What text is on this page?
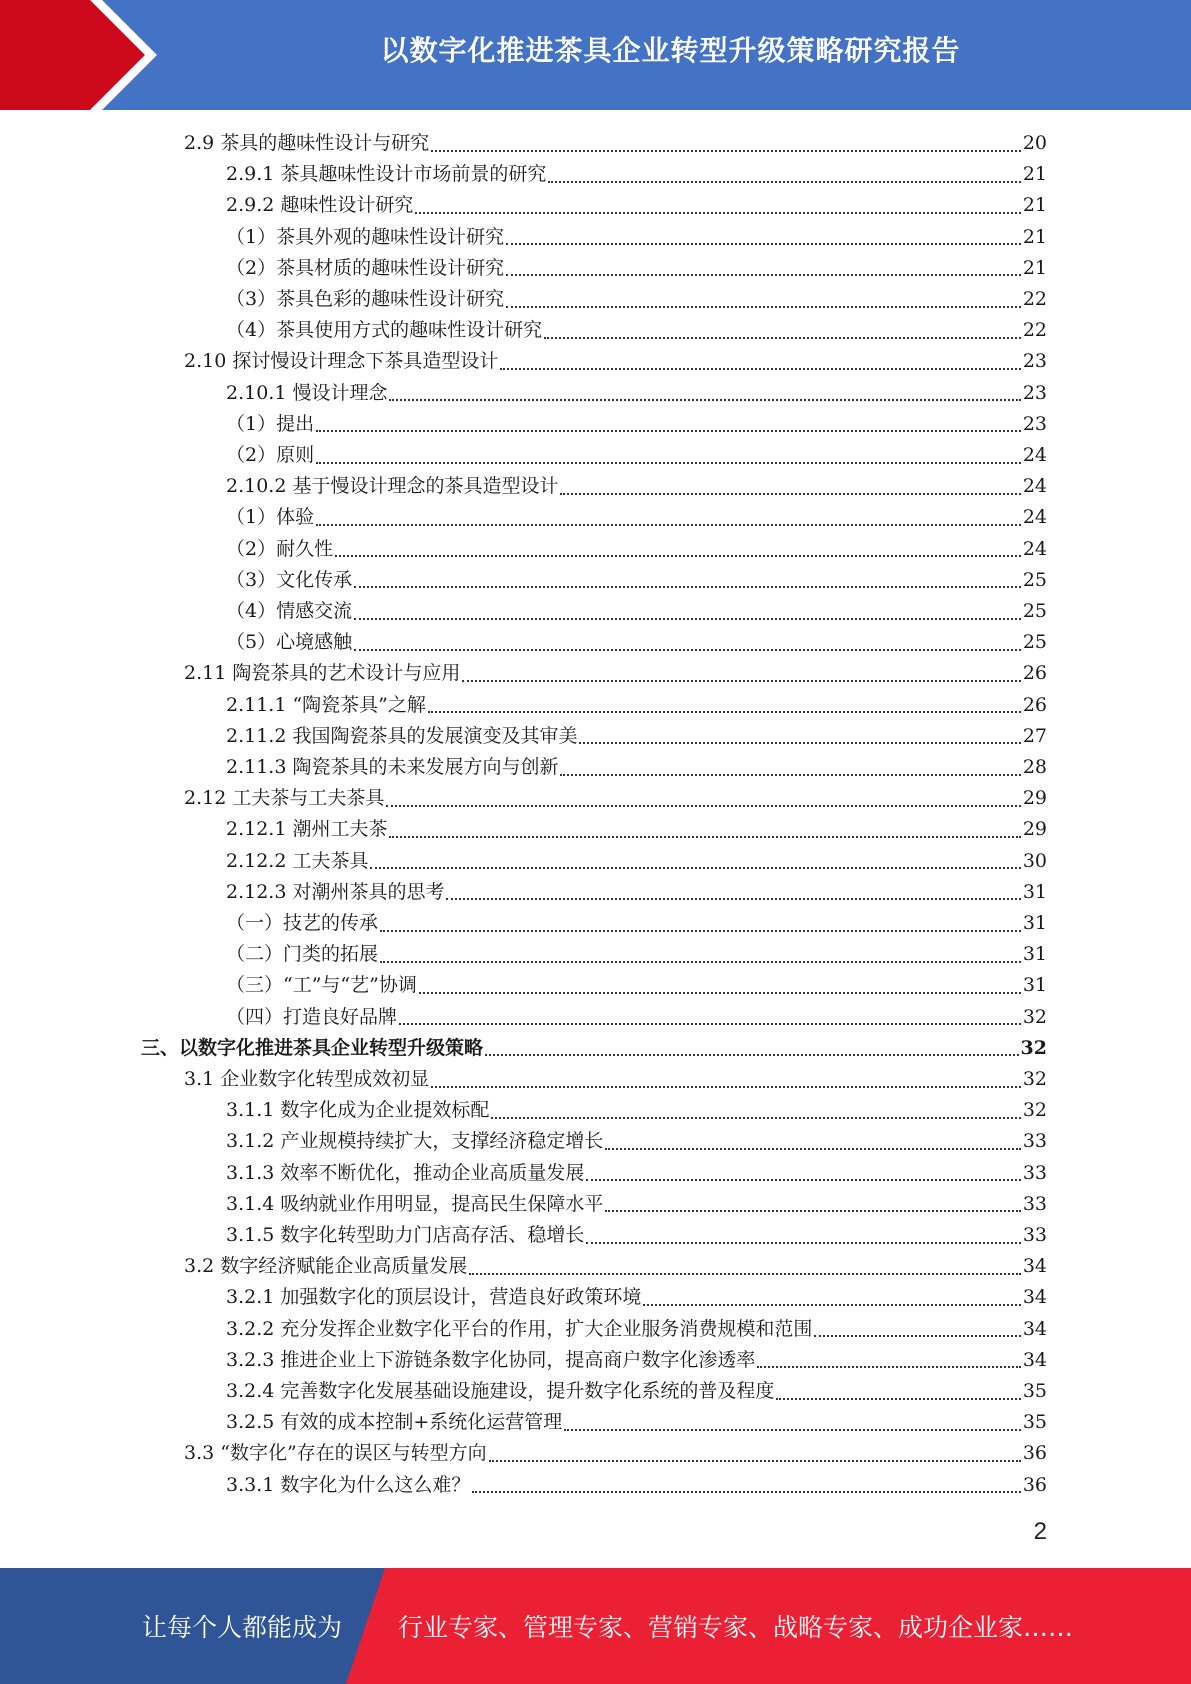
以数字化推进茶具企业转型升级策略研究报告
2.9 茶具的趣味性设计与研究	20
2.9.1 茶具趣味性设计市场前景的研究	21
2.9.2 趣味性设计研究	21
（1）茶具外观的趣味性设计研究	21
（2）茶具材质的趣味性设计研究	21
（3）茶具色彩的趣味性设计研究	22
（4）茶具使用方式的趣味性设计研究	22
2.10 探讨慢设计理念下茶具造型设计	23
2.10.1 慢设计理念	23
（1）提出	23
（2）原则	24
2.10.2 基于慢设计理念的茶具造型设计	24
（1）体验	24
（2）耐久性	24
（3）文化传承	25
（4）情感交流	25
（5）心境感触	25
2.11 陶瓷茶具的艺术设计与应用	26
2.11.1 “陶瓷茶具”之解	26
2.11.2 我国陶瓷茶具的发展演变及其审美	27
2.11.3 陶瓷茶具的未来发展方向与创新	28
2.12 工夫茶与工夫茶具	29
2.12.1 潮州工夫茶	29
2.12.2 工夫茶具	30
2.12.3 对潮州茶具的思考	31
（一）技艺的传承	31
（二）门类的拓展	31
（三）“工”与“艺”协调	31
（四）打造良好品牌	32
三、以数字化推进茶具企业转型升级策略	32
3.1 企业数字化转型成效初显	32
3.1.1 数字化成为企业提效标配	32
3.1.2 产业规模持续扩大，支撑经济稳定增长	33
3.1.3 效率不断优化，推动企业高质量发展	33
3.1.4 吸纳就业作用明显，提高民生保障水平	33
3.1.5 数字化转型助力门店高存活、稳增长	33
3.2 数字经济赋能企业高质量发展	34
3.2.1 加强数字化的顶层设计，营造良好政策环境	34
3.2.2 充分发挥企业数字化平台的作用，扩大企业服务消费规模和范围	34
3.2.3 推进企业上下游链条数字化协同，提高商户数字化渗透率	34
3.2.4 完善数字化发展基础设施建设，提升数字化系统的普及程度	35
3.2.5 有效的成本控制+系统化运营管理	35
3.3 “数字化”存在的误区与转型方向	36
3.3.1 数字化为什么这么难？	36
2
让每个人都能成为 行业专家、管理专家、营销专家、战略专家、成功企业家……
